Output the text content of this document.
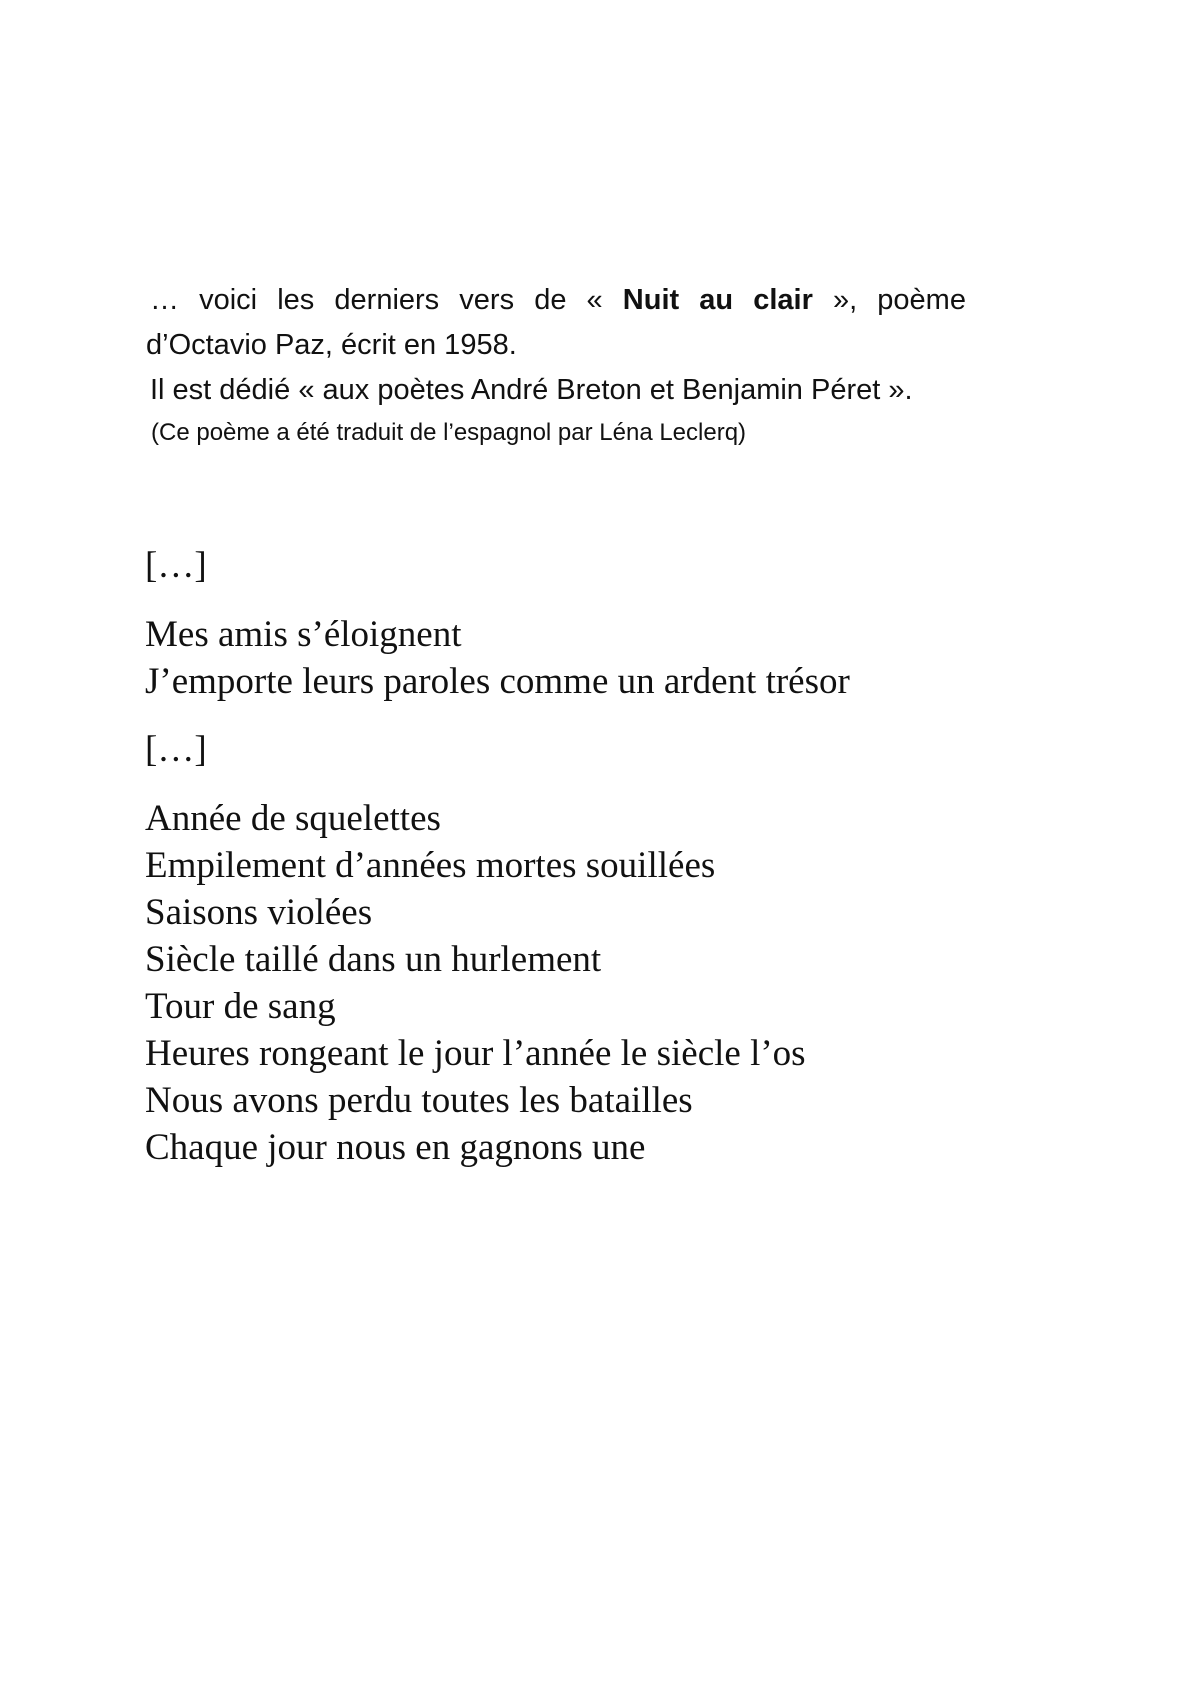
… voici les derniers vers de « Nuit au clair », poème
d’Octavio Paz, écrit en 1958.
Il est dédié « aux poètes André Breton et Benjamin Péret ».
(Ce poème a été traduit de l’espagnol par Léna Leclerq)
[…]
Mes amis s’éloignent
J’emporte leurs paroles comme un ardent trésor
[…]
Année de squelettes
Empilement d’années mortes souillées
Saisons violées
Siècle taillé dans un hurlement
Tour de sang
Heures rongeant le jour l’année le siècle l’os
Nous avons perdu toutes les batailles
Chaque jour nous en gagnons une
